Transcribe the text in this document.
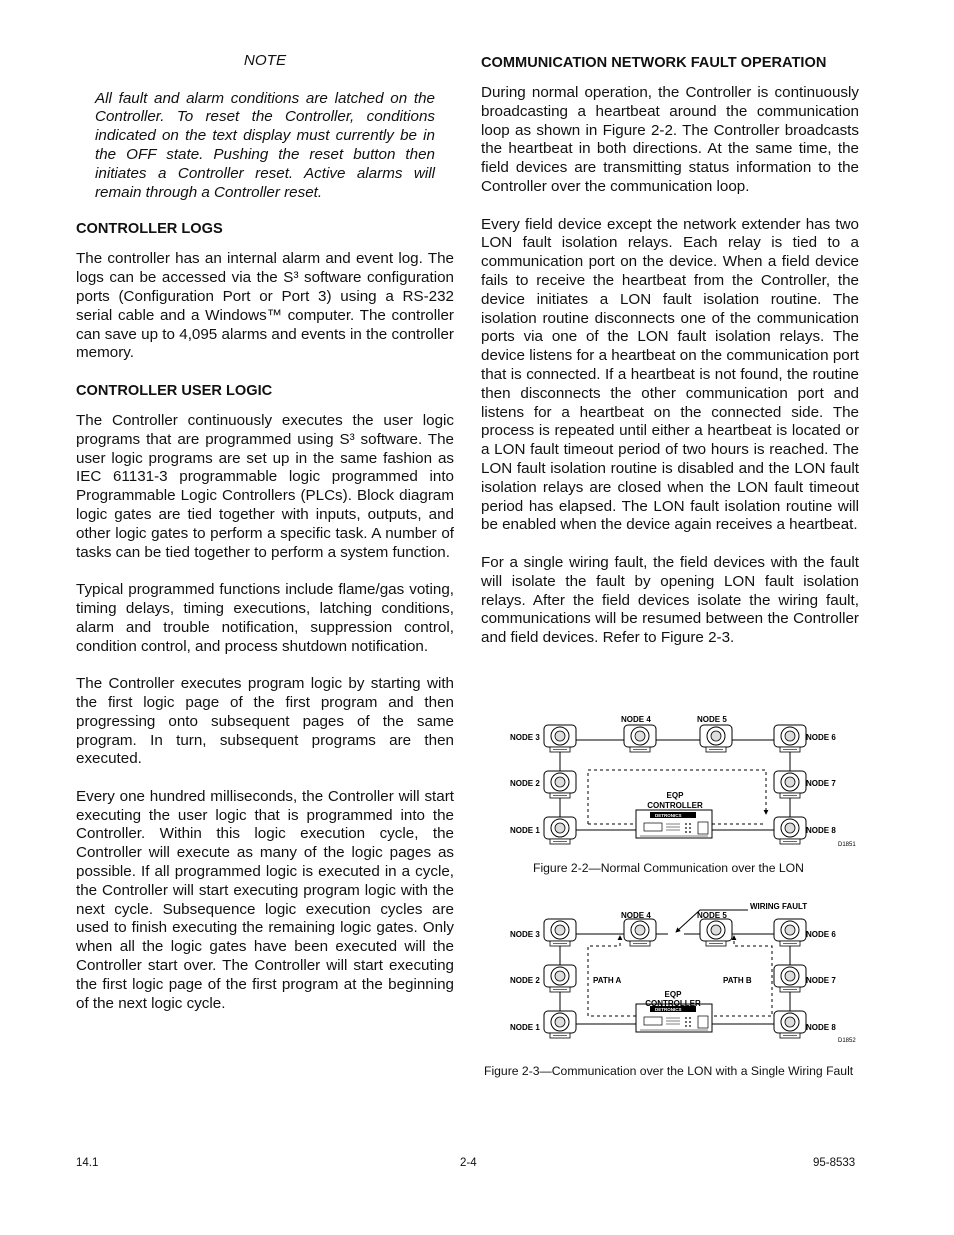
NOTE

All fault and alarm conditions are latched on the Controller. To reset the Controller, conditions indicated on the text display must currently be in the OFF state. Pushing the reset button then initiates a Controller reset. Active alarms will remain through a Controller reset.

CONTROLLER LOGS

The controller has an internal alarm and event log. The logs can be accessed via the S³ software configuration ports (Configuration Port or Port 3) using a RS-232 serial cable and a Windows™ computer. The controller can save up to 4,095 alarms and events in the controller memory.

CONTROLLER USER LOGIC

The Controller continuously executes the user logic programs that are programmed using S³ software. The user logic programs are set up in the same fashion as IEC 61131-3 programmable logic programmed into Programmable Logic Controllers (PLCs). Block diagram logic gates are tied together with inputs, outputs, and other logic gates to perform a specific task. A number of tasks can be tied together to perform a system function.

Typical programmed functions include flame/gas voting, timing delays, timing executions, latching conditions, alarm and trouble notification, suppression control, condition control, and process shutdown notification.

The Controller executes program logic by starting with the first logic page of the first program and then progressing onto subsequent pages of the same program. In turn, subsequent programs are then executed.

Every one hundred milliseconds, the Controller will start executing the user logic that is programmed into the Controller. Within this logic execution cycle, the Controller will execute as many of the logic pages as possible. If all programmed logic is executed in a cycle, the Controller will start executing program logic with the next cycle. Subsequence logic execution cycles are used to finish executing the remaining logic gates. Only when all the logic gates have been executed will the Controller start over. The Controller will start executing the first logic page of the first program at the beginning of the next logic cycle.

COMMUNICATION NETWORK FAULT OPERATION

During normal operation, the Controller is continuously broadcasting a heartbeat around the communication loop as shown in Figure 2-2. The Controller broadcasts the heartbeat in both directions. At the same time, the field devices are transmitting status information to the Controller over the communication loop.

Every field device except the network extender has two LON fault isolation relays. Each relay is tied to a communication port on the device. When a field device fails to receive the heartbeat from the Controller, the device initiates a LON fault isolation routine. The isolation routine disconnects one of the communication ports via one of the LON fault isolation relays. The device listens for a heartbeat on the communication port that is connected. If a heartbeat is not found, the routine then disconnects the other communication port and listens for a heartbeat on the connected side. The process is repeated until either a heartbeat is located or a LON fault timeout period of two hours is reached. The LON fault isolation routine is disabled and the LON fault isolation relays are closed when the LON fault timeout period has elapsed. The LON fault isolation routine will be enabled when the device again receives a heartbeat.

For a single wiring fault, the field devices with the fault will isolate the fault by opening LON fault isolation relays. After the field devices isolate the wiring fault, communications will be resumed between the Controller and field devices. Refer to Figure 2-3.

DETRONICS
NODE 3
NODE 2
NODE 1
NODE 4	NODE 5
NODE 6
NODE 7
NODE 8
EQP
CONTROLLER
D1851
Figure 2-2—Normal Communication over the LON
DETRONICS
WIRING FAULT
NODE 3
NODE 2
NODE 1
NODE 4	NODE 5
NODE 6
NODE 7
NODE 8
PATH A	PATH B
EQP
CONTROLLER
D1852
Figure 2-3—Communication over the LON with a Single Wiring Fault
14.1	2-4	95-8533
